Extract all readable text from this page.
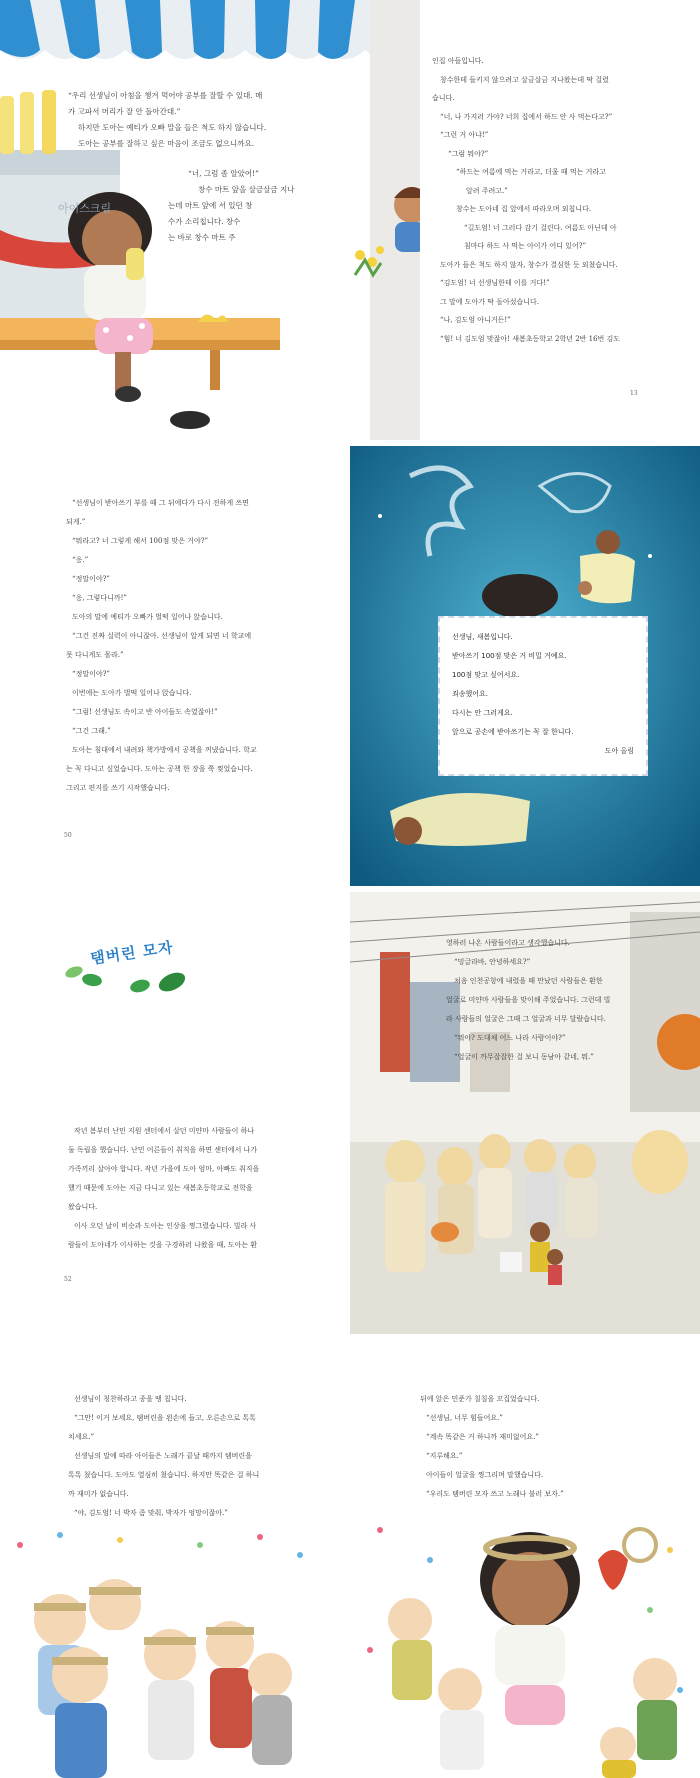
아이스크림

“우리 선생님이 아침을 챙겨 먹어야 공부를 잘할 수 있대. 매

가 고파서 머리가 잘 안 돌아간대.”

하지만 도아는 예티가 오빠 말을 들은 척도 하지 않습니다.

도아는 공부를 잘하고 싶은 마음이 조금도 없으니까요.

“너, 그럼 좀 알았어!”

창수 마트 앞을 살금살금 지나

는데 마트 앞에 서 있던 창

수가 소리칩니다. 창수

는 바로 창수 마트 주

인집 아들입니다.

창수한테 들키지 않으려고 살금살금 지나왔는데 딱 걸렸

습니다.

“너, 나 가지러 가야? 너희 집에서 하드 안 사 먹는다고?”

“그런 거 아냐!”

“그럼 뭐야?”

“하드는 여름에 먹는 거라고, 더울 때 먹는 거라고

알려 주려고.”

창수는 도아네 집 앞에서 따라오며 외칩니다.

“길도엄! 너 그러다 감기 걸린다. 여름도 아닌데 아

침마다 하드 사 먹는 아이가 어디 있어?”

도아가 들은 척도 하지 않자, 창수가 결심한 듯 외쳤습니다.

“김도엄! 너 선생님한테 이를 거다!”

그 말에 도아가 딱 돌아섰습니다.

“나, 김도엄 아니거든!”

“힘! 너 김도엄 맞잖아! 새봄초등학교 2학년 2반 16번 김도

13

“선생님이 받아쓰기 부를 때 그 뒤에다가 다시 전하게 쓰면

되게.”

“뭐라고? 너 그렇게 해서 100점 맞은 거야?”

“응.”

“정말이야?”

“응, 그렇다니까!”

도아의 말에 예티가 오빠가 벌떡 일어나 앉습니다.

“그건 진짜 실력이 아니잖아. 선생님이 알게 되면 너 학교에

못 다니게도 몰라.”

“정말이야?”

이번에는 도아가 벌떡 일어나 앉습니다.

“그럼! 선생님도 속이고 반 아이들도 속였잖아!”

“그건 그래.”

도아는 침대에서 내려와 책가방에서 공책을 꺼냈습니다. 학교

는 꼭 다니고 싶었습니다. 도아는 공책 한 장을 쭉 찢었습니다.

그리고 편지를 쓰기 시작했습니다.

50

선생님, 새봄입니다.

받아쓰기 100점 맞은 거 비밀 거예요.

100점 맞고 싶어서요.

죄송했어요.

다시는 안 그러게요.

앞으로 공손에 받아쓰기는 꼭 잘 한니다.

도아 올림

탬버린 모자

작년 봄부터 난민 지원 센터에서 살던 미얀마 사람들이 하나

둘 독립을 했습니다. 난민 어른들이 취직을 하면 센터에서 나가

가족끼리 살아야 합니다. 작년 가을에 도아 엄마, 아빠도 취직을

했기 때문에 도아는 지금 다니고 있는 새봄초등학교로 전학을

왔습니다.

이사 오던 날이 비슷과 도아는 인상을 찡그렸습니다. 빌라 사

람들이 도아네가 이사하는 것을 구경하러 나왔을 때, 도아는 환

52

영하러 나온 사람들이라고 생각했습니다.

“밍글라바, 안녕하세요?”

처음 인천공항에 내렸을 때 만났던 사람들은 환한

얼굴로 미얀마 사람들을 맞이해 주었습니다. 그런데 빌

라 사람들의 얼굴은 그때 그 얼굴과 너무 달랐습니다.

“뭐야? 도대체 어느 나라 사람이야?”

“얼굴이 까무잡잡한 걸 보니 동남아 같네, 뭐.”

선생님이 칭찬하라고 종을 땡 칩니다.

“그만! 이거 보세요, 탬버린을 왼손에 들고, 오른손으로 톡톡

치세요.”

선생님의 말에 따라 아이들은 노래가 끝날 때까지 탬버린을

톡톡 쳤습니다. 도아도 열심히 쳤습니다. 하지만 똑같은 걸 하니

까 재미가 없습니다.

“야, 김도엄! 너 박자 좀 맞춰, 박자가 엉망이잖아.”

뒤에 앉은 민준가 칠칠을 꼬집었습니다.

“선생님, 너무 힘들어요.”

“계속 똑같은 거 하니까 재미없어요.”

“지루해요.”

아이들이 얼굴을 찡그리며 말했습니다.

“우리도 탬버린 모자 쓰고 노래나 불러 보자.”
